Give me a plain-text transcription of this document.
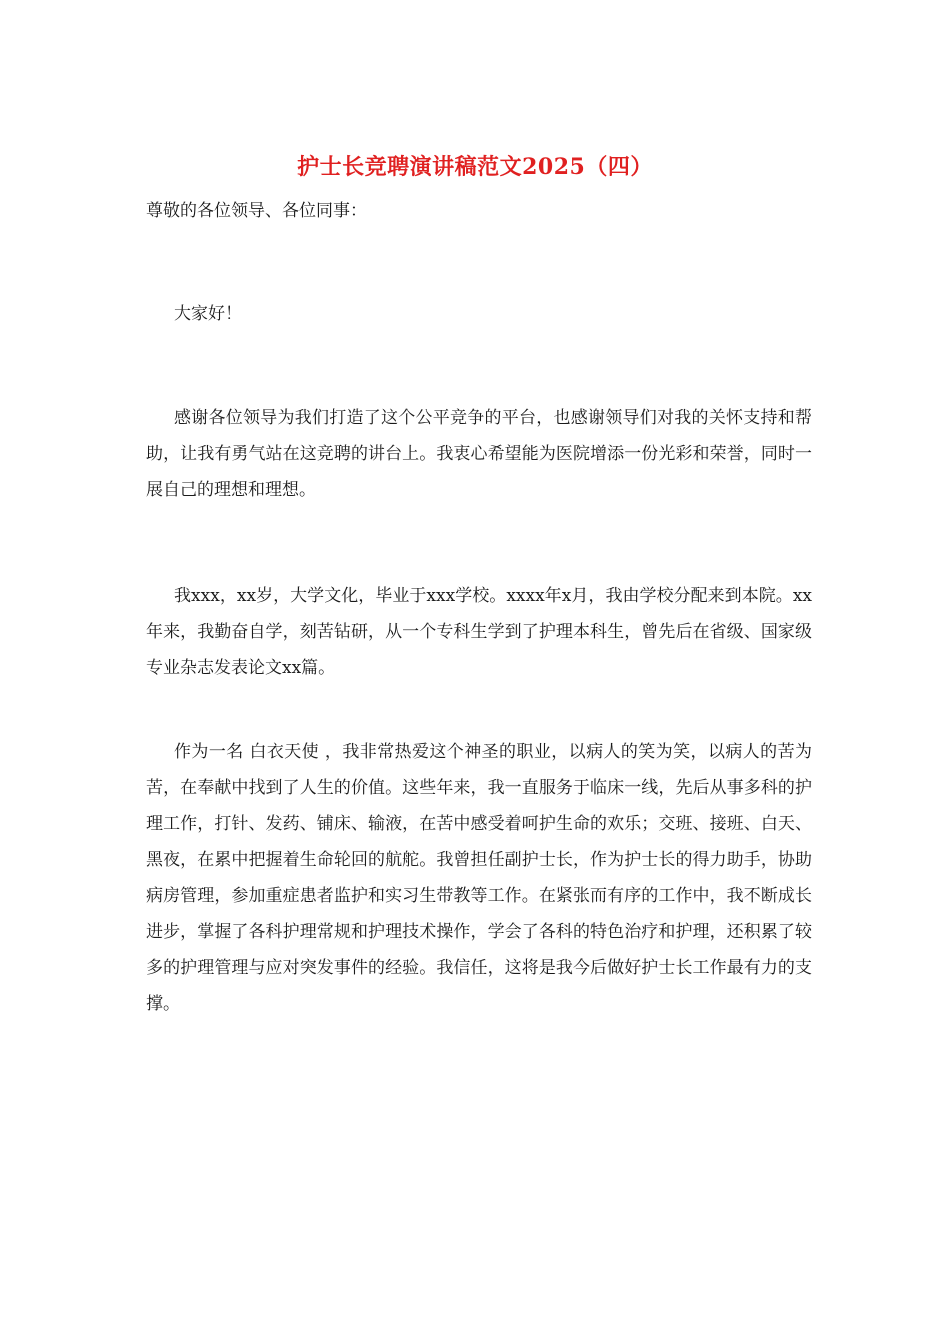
护士长竞聘演讲稿范文2025（四）
尊敬的各位领导、各位同事：
大家好！
感谢各位领导为我们打造了这个公平竞争的平台，也感谢领导们对我的关怀支持和帮助，让我有勇气站在这竞聘的讲台上。我衷心希望能为医院增添一份光彩和荣誉，同时一展自己的理想和理想。
我xxx，xx岁，大学文化，毕业于xxx学校。xxxx年x月，我由学校分配来到本院。xx年来，我勤奋自学，刻苦钻研，从一个专科生学到了护理本科生，曾先后在省级、国家级专业杂志发表论文xx篇。
作为一名 白衣天使 ，我非常热爱这个神圣的职业，以病人的笑为笑，以病人的苦为苦，在奉献中找到了人生的价值。这些年来，我一直服务于临床一线，先后从事多科的护理工作，打针、发药、铺床、输液，在苦中感受着呵护生命的欢乐；交班、接班、白天、黑夜，在累中把握着生命轮回的航舵。我曾担任副护士长，作为护士长的得力助手，协助病房管理，参加重症患者监护和实习生带教等工作。在紧张而有序的工作中，我不断成长进步，掌握了各科护理常规和护理技术操作，学会了各科的特色治疗和护理，还积累了较多的护理管理与应对突发事件的经验。我信任，这将是我今后做好护士长工作最有力的支撑。
